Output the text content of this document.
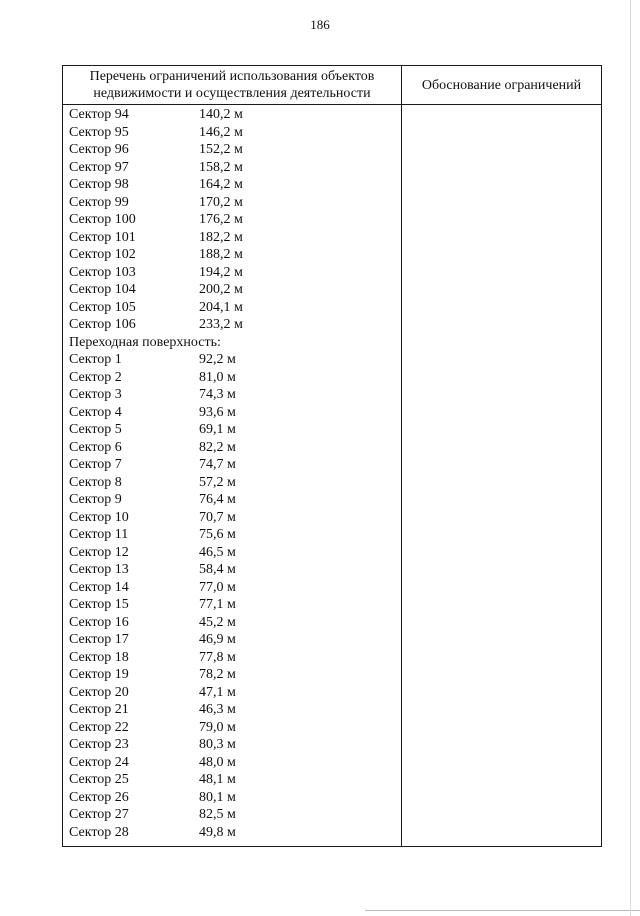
186
Перечень ограничений использования объектов
недвижимости и осуществления деятельности
Обоснование ограничений
Сектор 94	140,2 м
Сектор 95	146,2 м
Сектор 96	152,2 м
Сектор 97	158,2 м
Сектор 98	164,2 м
Сектор 99	170,2 м
Сектор 100	176,2 м
Сектор 101	182,2 м
Сектор 102	188,2 м
Сектор 103	194,2 м
Сектор 104	200,2 м
Сектор 105	204,1 м
Сектор 106	233,2 м
Переходная поверхность:
Сектор 1	92,2 м
Сектор 2	81,0 м
Сектор 3	74,3 м
Сектор 4	93,6 м
Сектор 5	69,1 м
Сектор 6	82,2 м
Сектор 7	74,7 м
Сектор 8	57,2 м
Сектор 9	76,4 м
Сектор 10	70,7 м
Сектор 11	75,6 м
Сектор 12	46,5 м
Сектор 13	58,4 м
Сектор 14	77,0 м
Сектор 15	77,1 м
Сектор 16	45,2 м
Сектор 17	46,9 м
Сектор 18	77,8 м
Сектор 19	78,2 м
Сектор 20	47,1 м
Сектор 21	46,3 м
Сектор 22	79,0 м
Сектор 23	80,3 м
Сектор 24	48,0 м
Сектор 25	48,1 м
Сектор 26	80,1 м
Сектор 27	82,5 м
Сектор 28	49,8 м
